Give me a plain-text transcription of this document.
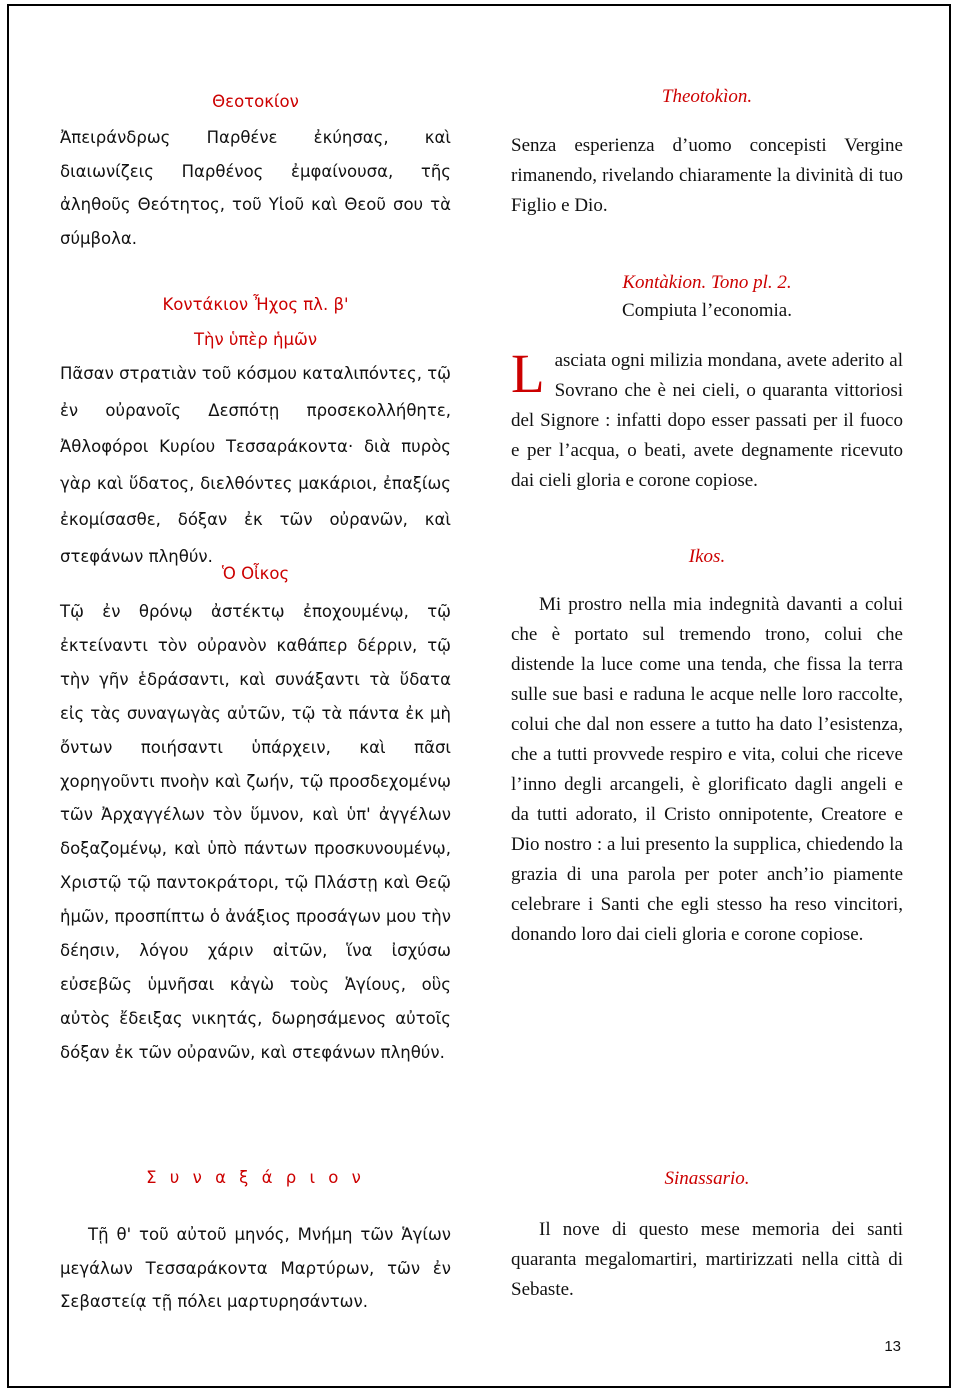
Θεοτοκίον
Ἀπειράνδρως Παρθένε ἐκύησας, καὶ διαιωνίζεις Παρθένος ἐμφαίνουσα, τῆς ἀληθοῦς Θεότητος, τοῦ Υἱοῦ καὶ Θεοῦ σου τὰ σύμβολα.
Κοντάκιον Ἦχος πλ. β'
Τὴν ὑπὲρ ἡμῶν
Πᾶσαν στρατιὰν τοῦ κόσμου καταλιπόντες, τῷ ἐν οὐρανοῖς Δεσπότῃ προσεκολλήθητε, Ἀθλοφόροι Κυρίου Τεσσαράκοντα· διὰ πυρὸς γὰρ καὶ ὕδατος, διελθόντες μακάριοι, ἐπαξίως ἐκομίσασθε, δόξαν ἐκ τῶν οὐρανῶν, καὶ στεφάνων πληθύν.
Ὁ Οἶκος
Τῷ ἐν θρόνῳ ἀστέκτῳ ἐποχουμένῳ, τῷ ἐκτείναντι τὸν οὐρανὸν καθάπερ δέρριν, τῷ τὴν γῆν ἑδράσαντι, καὶ συνάξαντι τὰ ὕδατα εἰς τὰς συναγωγὰς αὐτῶν, τῷ τὰ πάντα ἐκ μὴ ὄντων ποιήσαντι ὑπάρχειν, καὶ πᾶσι χορηγοῦντι πνοὴν καὶ ζωήν, τῷ προσδεχομένῳ τῶν Ἀρχαγγέλων τὸν ὕμνον, καὶ ὑπ' ἀγγέλων δοξαζομένῳ, καὶ ὑπὸ πάντων προσκυνουμένῳ, Χριστῷ τῷ παντοκράτορι, τῷ Πλάστῃ καὶ Θεῷ ἡμῶν, προσπίπτω ὁ ἀνάξιος προσάγων μου τὴν δέησιν, λόγου χάριν αἰτῶν, ἵνα ἰσχύσω εὐσεβῶς ὑμνῆσαι κἀγὼ τοὺς Ἁγίους, οὓς αὐτὸς ἔδειξας νικητάς, δωρησάμενος αὐτοῖς δόξαν ἐκ τῶν οὐρανῶν, καὶ στεφάνων πληθύν.
Σ υ ν α ξ ά ρ ι ο ν
Τῇ θ' τοῦ αὐτοῦ μηνός, Μνήμη τῶν Ἁγίων μεγάλων Τεσσαράκοντα Μαρτύρων, τῶν ἐν Σεβαστείᾳ τῇ πόλει μαρτυρησάντων.
Theotokìon.
Senza esperienza d’uomo concepisti Vergine rimanendo, rivelando chiaramente la divinità di tuo Figlio e Dio.
Kontàkion. Tono pl. 2.
Compiuta l’economia.
Lasciata ogni milizia mondana, avete aderito al Sovrano che è nei cieli, o quaranta vittoriosi del Signore : infatti dopo esser passati per il fuoco e per l’acqua, o beati, avete degnamente ricevuto dai cieli gloria e corone copiose.
Ikos.
Mi prostro nella mia indegnità davanti a colui che è portato sul tremendo trono, colui che distende la luce come una tenda, che fissa la terra sulle sue basi e raduna le acque nelle loro raccolte, colui che dal non essere a tutto ha dato l’esistenza, che a tutti provvede respiro e vita, colui che riceve l’inno degli arcangeli, è glorificato dagli angeli e da tutti adorato, il Cristo onnipotente, Creatore e Dio nostro : a lui presento la supplica, chiedendo la grazia di una parola per poter anch’io piamente celebrare i Santi che egli stesso ha reso vincitori, donando loro dai cieli gloria e corone copiose.
Sinassario.
Il nove di questo mese memoria dei santi quaranta megalomartiri, martirizzati nella città di Sebaste.
13
